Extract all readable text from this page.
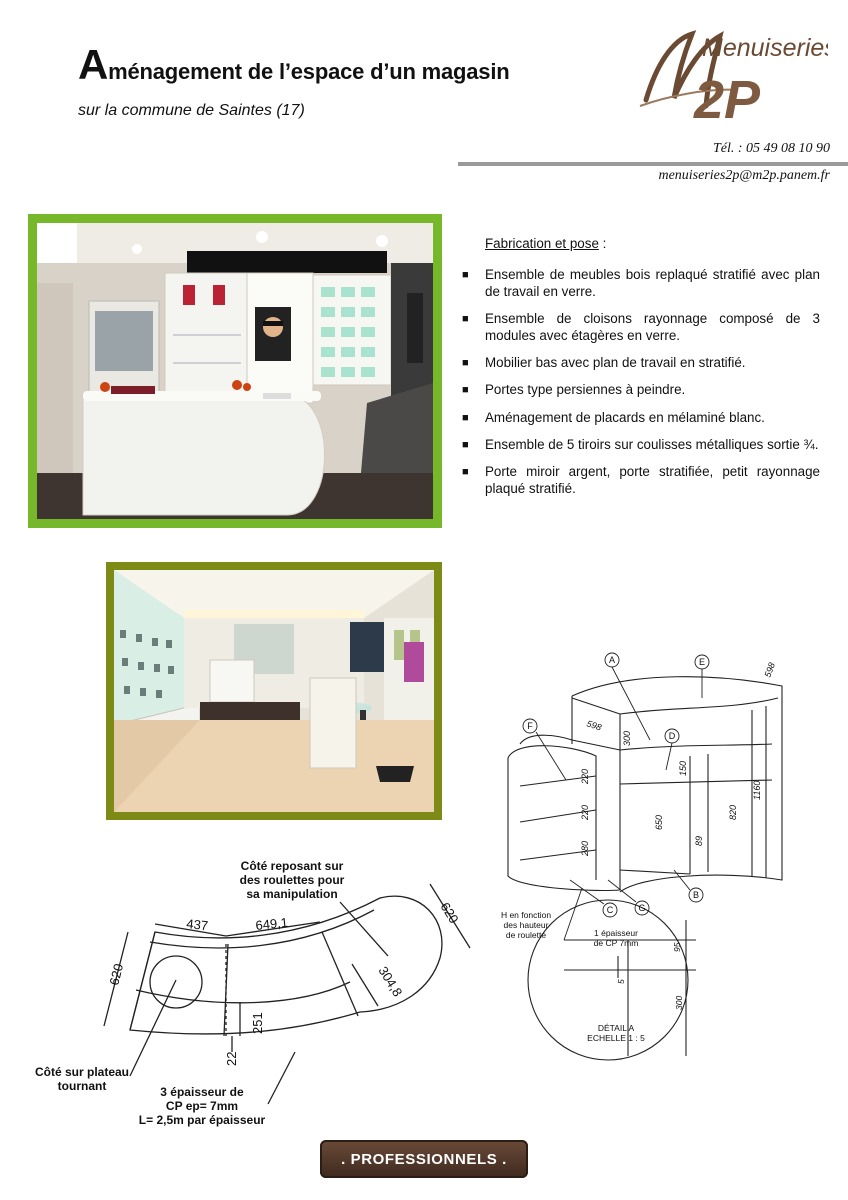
Aménagement de l’espace d’un magasin
sur la commune de Saintes (17)
Menuiseries
2P
Tél. : 05 49 08 10 90
menuiseries2p@m2p.panem.fr
Fabrication et pose :
■ Ensemble de meubles bois replaqué stratifié avec plan de travail en verre.
■ Ensemble de cloisons rayonnage composé de 3 modules avec étagères en verre.
■ Mobilier bas avec plan de travail en stratifié.
■ Portes type persiennes à peindre.
■ Aménagement de placards en mélaminé blanc.
■ Ensemble de 5 tiroirs sur coulisses métalliques sortie ¾.
■ Porte miroir argent, porte stratifiée, petit rayonnage plaqué stratifié.
437	649,1
620
620
304,8
251
22
Côté reposant sur
des roulettes pour
sa manipulation
Côté sur plateau
tournant	3 épaisseur de
CP ep= 7mm
L= 2,5m par épaisseur
A	E
F
D
B
G
C
598
598
300
150
220
220
280
650
820
1160
89
H en fonction
des hauteur
de roulette	1 épaisseur
de CP 7mm
DÉTAIL A
ECHELLE 1 : 5
95
5
300
. PROFESSIONNELS .
